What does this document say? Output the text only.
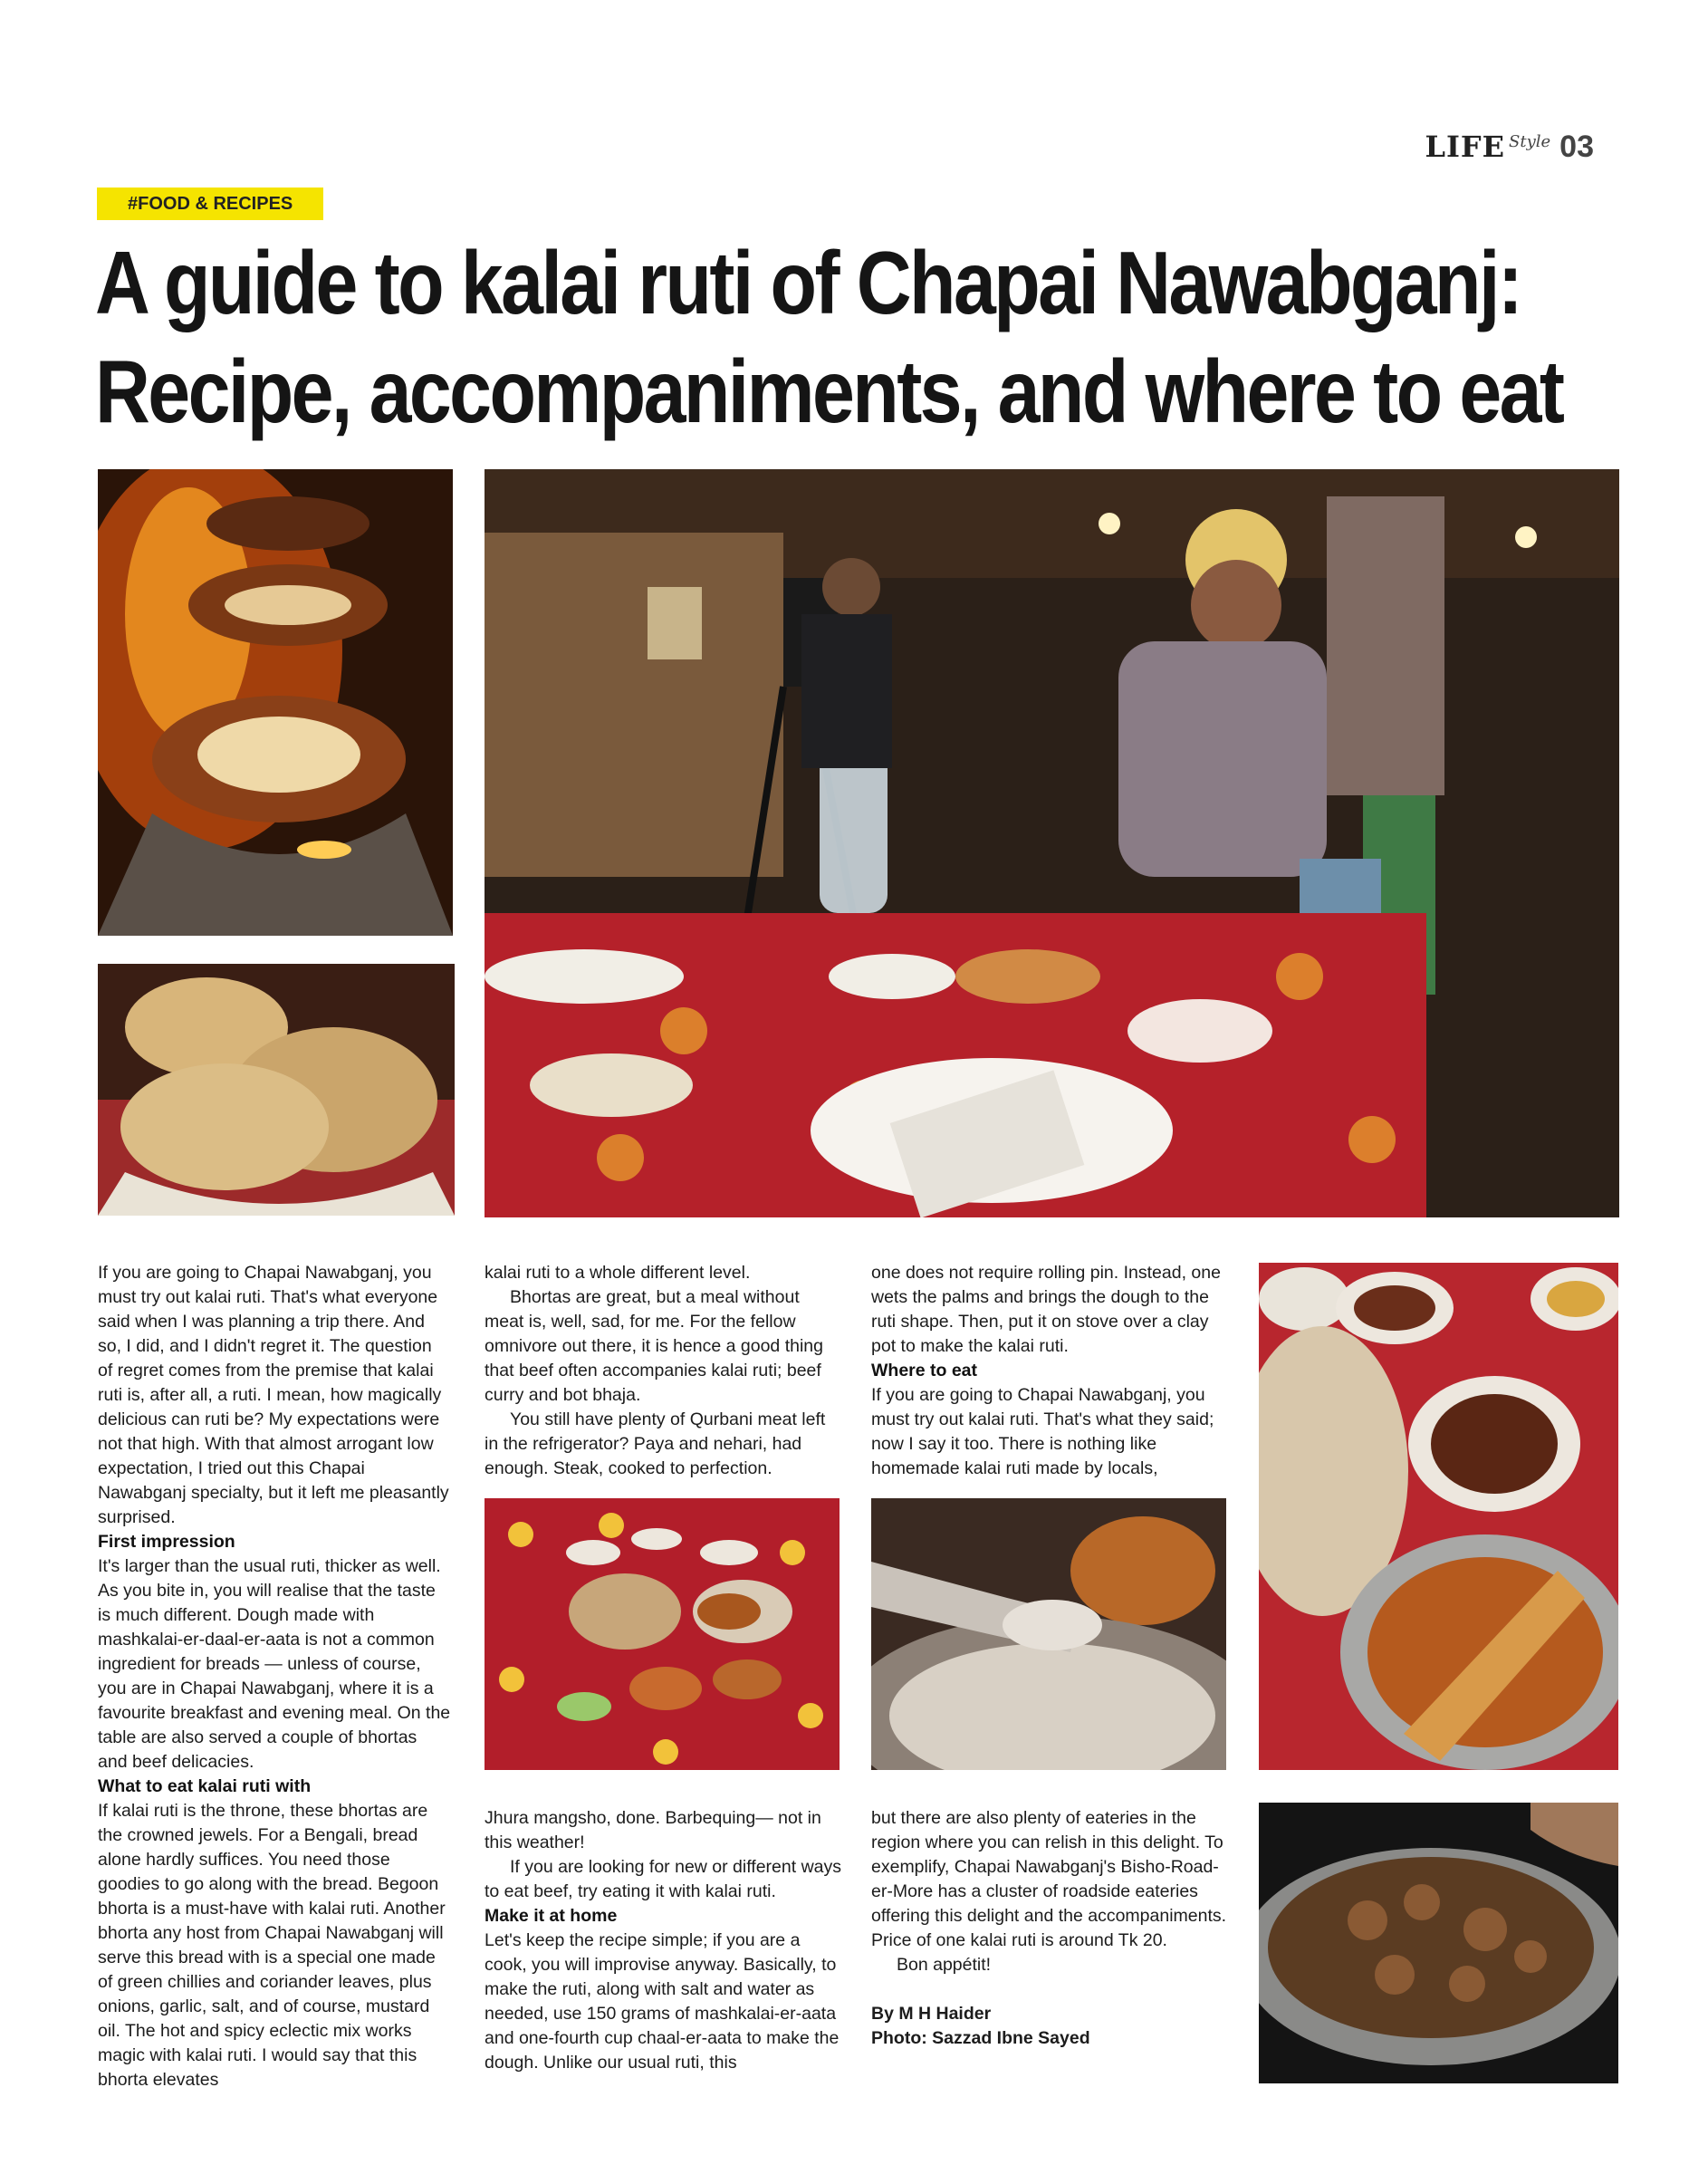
LIFE Style 03
#FOOD & RECIPES
A guide to kalai ruti of Chapai Nawabganj:
Recipe, accompaniments, and where to eat

If you are going to Chapai Nawabganj, you must try out kalai ruti. That's what everyone said when I was planning a trip there. And so, I did, and I didn't regret it. The question of regret comes from the premise that kalai ruti is, after all, a ruti. I mean, how magically delicious can ruti be? My expectations were not that high. With that almost arrogant low expectation, I tried out this Chapai Nawabganj specialty, but it left me pleasantly surprised.

First impression

It's larger than the usual ruti, thicker as well. As you bite in, you will realise that the taste is much different. Dough made with mashkalai-er-daal-er-aata is not a common ingredient for breads — unless of course, you are in Chapai Nawabganj, where it is a favourite breakfast and evening meal. On the table are also served a couple of bhortas and beef delicacies.

What to eat kalai ruti with

If kalai ruti is the throne, these bhortas are the crowned jewels. For a Bengali, bread alone hardly suffices. You need those goodies to go along with the bread. Begoon bhorta is a must-have with kalai ruti. Another bhorta any host from Chapai Nawabganj will serve this bread with is a special one made of green chillies and coriander leaves, plus onions, garlic, salt, and of course, mustard oil. The hot and spicy eclectic mix works magic with kalai ruti. I would say that this bhorta elevates

kalai ruti to a whole different level.

Bhortas are great, but a meal without meat is, well, sad, for me. For the fellow omnivore out there, it is hence a good thing that beef often accompanies kalai ruti; beef curry and bot bhaja.

You still have plenty of Qurbani meat left in the refrigerator? Paya and nehari, had enough. Steak, cooked to perfection.

Jhura mangsho, done. Barbequing— not in this weather!

If you are looking for new or different ways to eat beef, try eating it with kalai ruti.

Make it at home

Let's keep the recipe simple; if you are a cook, you will improvise anyway. Basically, to make the ruti, along with salt and water as needed, use 150 grams of mashkalai-er-aata and one-fourth cup chaal-er-aata to make the dough. Unlike our usual ruti, this

one does not require rolling pin. Instead, one wets the palms and brings the dough to the ruti shape. Then, put it on stove over a clay pot to make the kalai ruti.

Where to eat

If you are going to Chapai Nawabganj, you must try out kalai ruti. That's what they said; now I say it too. There is nothing like homemade kalai ruti made by locals,

but there are also plenty of eateries in the region where you can relish in this delight. To exemplify, Chapai Nawabganj's Bisho-Road-er-More has a cluster of roadside eateries offering this delight and the accompaniments. Price of one kalai ruti is around Tk 20.

Bon appétit!

By M H Haider

Photo: Sazzad Ibne Sayed
